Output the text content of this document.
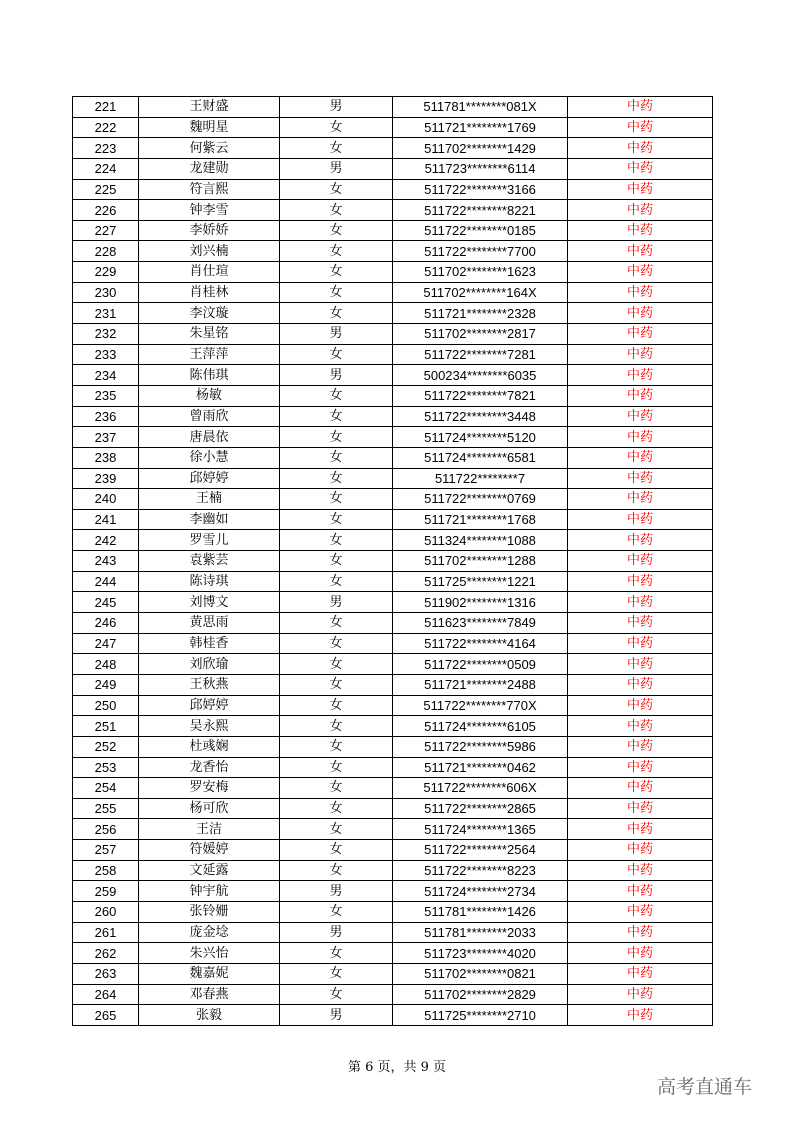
221	王财盛	男	511781********081X	中药
222	魏明星	女	511721********1769	中药
223	何紫云	女	511702********1429	中药
224	龙建勋	男	511723********6114	中药
225	符言熙	女	511722********3166	中药
226	钟李雪	女	511722********8221	中药
227	李娇娇	女	511722********0185	中药
228	刘兴楠	女	511722********7700	中药
229	肖仕瑄	女	511702********1623	中药
230	肖桂林	女	511702********164X	中药
231	李汶璇	女	511721********2328	中药
232	朱星铭	男	511702********2817	中药
233	王萍萍	女	511722********7281	中药
234	陈伟琪	男	500234********6035	中药
235	杨敏	女	511722********7821	中药
236	曾雨欣	女	511722********3448	中药
237	唐晨依	女	511724********5120	中药
238	徐小慧	女	511724********6581	中药
239	邱婷婷	女	511722********7	中药
240	王楠	女	511722********0769	中药
241	李幽如	女	511721********1768	中药
242	罗雪儿	女	511324********1088	中药
243	袁紫芸	女	511702********1288	中药
244	陈诗琪	女	511725********1221	中药
245	刘博文	男	511902********1316	中药
246	黄思雨	女	511623********7849	中药
247	韩桂香	女	511722********4164	中药
248	刘欣瑜	女	511722********0509	中药
249	王秋燕	女	511721********2488	中药
250	邱婷婷	女	511722********770X	中药
251	吴永熙	女	511724********6105	中药
252	杜彧娴	女	511722********5986	中药
253	龙香怡	女	511721********0462	中药
254	罗安梅	女	511722********606X	中药
255	杨可欣	女	511722********2865	中药
256	王洁	女	511724********1365	中药
257	符媛婷	女	511722********2564	中药
258	文延露	女	511722********8223	中药
259	钟宇航	男	511724********2734	中药
260	张铃姗	女	511781********1426	中药
261	庞金埝	男	511781********2033	中药
262	朱兴怡	女	511723********4020	中药
263	魏嘉妮	女	511702********0821	中药
264	邓春燕	女	511702********2829	中药
265	张毅	男	511725********2710	中药
第 6 页，共 9 页
高考直通车
